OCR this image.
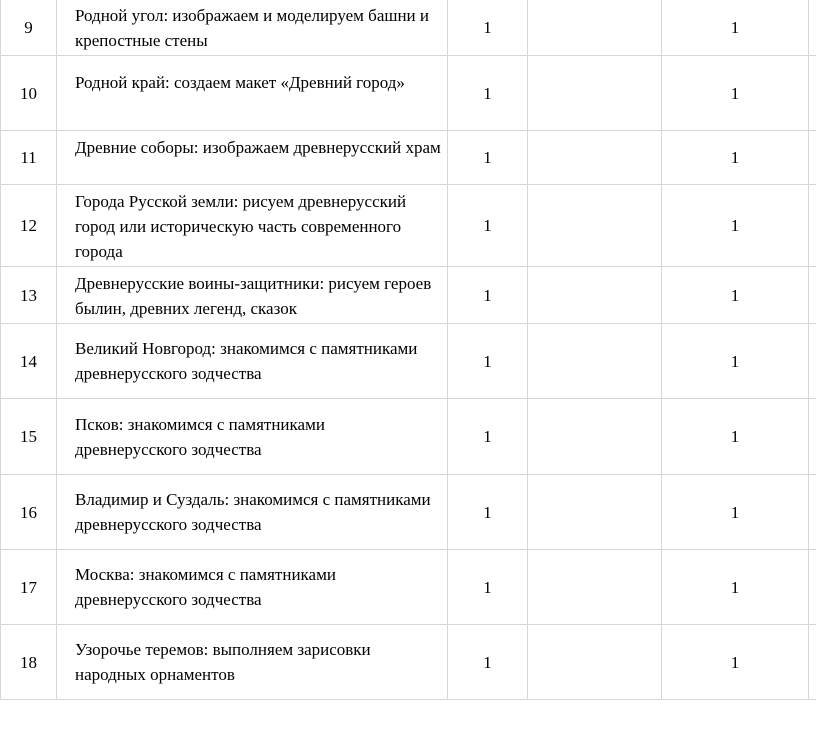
9	Родной угол: изображаем и моделируем башни и крепостные стены	1		1	
10	Родной край: создаем макет «Древний город»	1		1	
11	Древние соборы: изображаем древнерусский храм	1		1	
12	Города Русской земли: рисуем древнерусский город или историческую часть современного города	1		1	
13	Древнерусские воины-защитники: рисуем героев былин, древних легенд, сказок	1		1	
14	Великий Новгород: знакомимся с памятниками древнерусского зодчества	1		1	
15	Псков: знакомимся с памятниками древнерусского зодчества	1		1	
16	Владимир и Суздаль: знакомимся с памятниками древнерусского зодчества	1		1	
17	Москва: знакомимся с памятниками древнерусского зодчества	1		1	
18	Узорочье теремов: выполняем зарисовки народных орнаментов	1		1	
